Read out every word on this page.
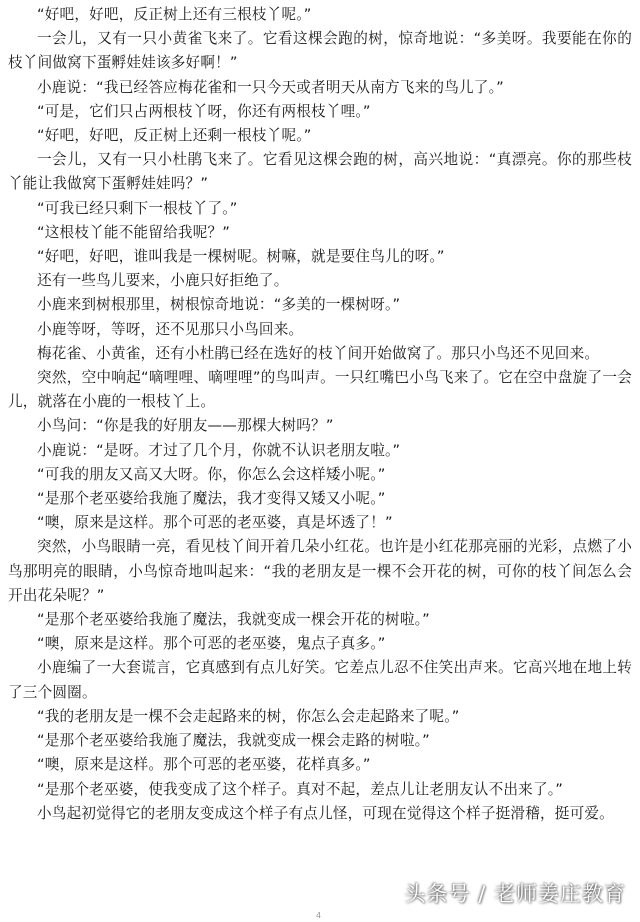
“好吧，好吧，反正树上还有三根枝丫呢。”

一会儿，又有一只小黄雀飞来了。它看这棵会跑的树，惊奇地说：“多美呀。我要能在你的枝丫间做窝下蛋孵娃娃该多好啊！”

小鹿说：“我已经答应梅花雀和一只今天或者明天从南方飞来的鸟儿了。”

“可是，它们只占两根枝丫呀，你还有两根枝丫哩。”

“好吧，好吧，反正树上还剩一根枝丫呢。”

一会儿，又有一只小杜鹃飞来了。它看见这棵会跑的树，高兴地说：“真漂亮。你的那些枝丫能让我做窝下蛋孵娃娃吗？”

“可我已经只剩下一根枝丫了。”

“这根枝丫能不能留给我呢？”

“好吧，好吧，谁叫我是一棵树呢。树嘛，就是要住鸟儿的呀。”

还有一些鸟儿要来，小鹿只好拒绝了。

小鹿来到树根那里，树根惊奇地说：“多美的一棵树呀。”

小鹿等呀，等呀，还不见那只小鸟回来。

梅花雀、小黄雀，还有小杜鹃已经在选好的枝丫间开始做窝了。那只小鸟还不见回来。

突然，空中响起“嘀哩哩、嘀哩哩”的鸟叫声。一只红嘴巴小鸟飞来了。它在空中盘旋了一会儿，就落在小鹿的一根枝丫上。

小鸟问：“你是我的好朋友——那棵大树吗？”

小鹿说：“是呀。才过了几个月，你就不认识老朋友啦。”

“可我的朋友又高又大呀。你，你怎么会这样矮小呢。”

“是那个老巫婆给我施了魔法，我才变得又矮又小呢。”

“噢，原来是这样。那个可恶的老巫婆，真是坏透了！”

突然，小鸟眼睛一亮，看见枝丫间开着几朵小红花。也许是小红花那亮丽的光彩，点燃了小鸟那明亮的眼睛，小鸟惊奇地叫起来：“我的老朋友是一棵不会开花的树，可你的枝丫间怎么会开出花朵呢？”

“是那个老巫婆给我施了魔法，我就变成一棵会开花的树啦。”

“噢，原来是这样。那个可恶的老巫婆，鬼点子真多。”

小鹿编了一大套谎言，它真感到有点儿好笑。它差点儿忍不住笑出声来。它高兴地在地上转了三个圆圈。

“我的老朋友是一棵不会走起路来的树，你怎么会走起路来了呢。”

“是那个老巫婆给我施了魔法，我就变成一棵会走路的树啦。”

“噢，原来是这样。那个可恶的老巫婆，花样真多。”

“是那个老巫婆，使我变成了这个样子。真对不起，差点儿让老朋友认不出来了。”

小鸟起初觉得它的老朋友变成这个样子有点儿怪，可现在觉得这个样子挺滑稽，挺可爱。

头条号 / 老师姜庄教育
4
